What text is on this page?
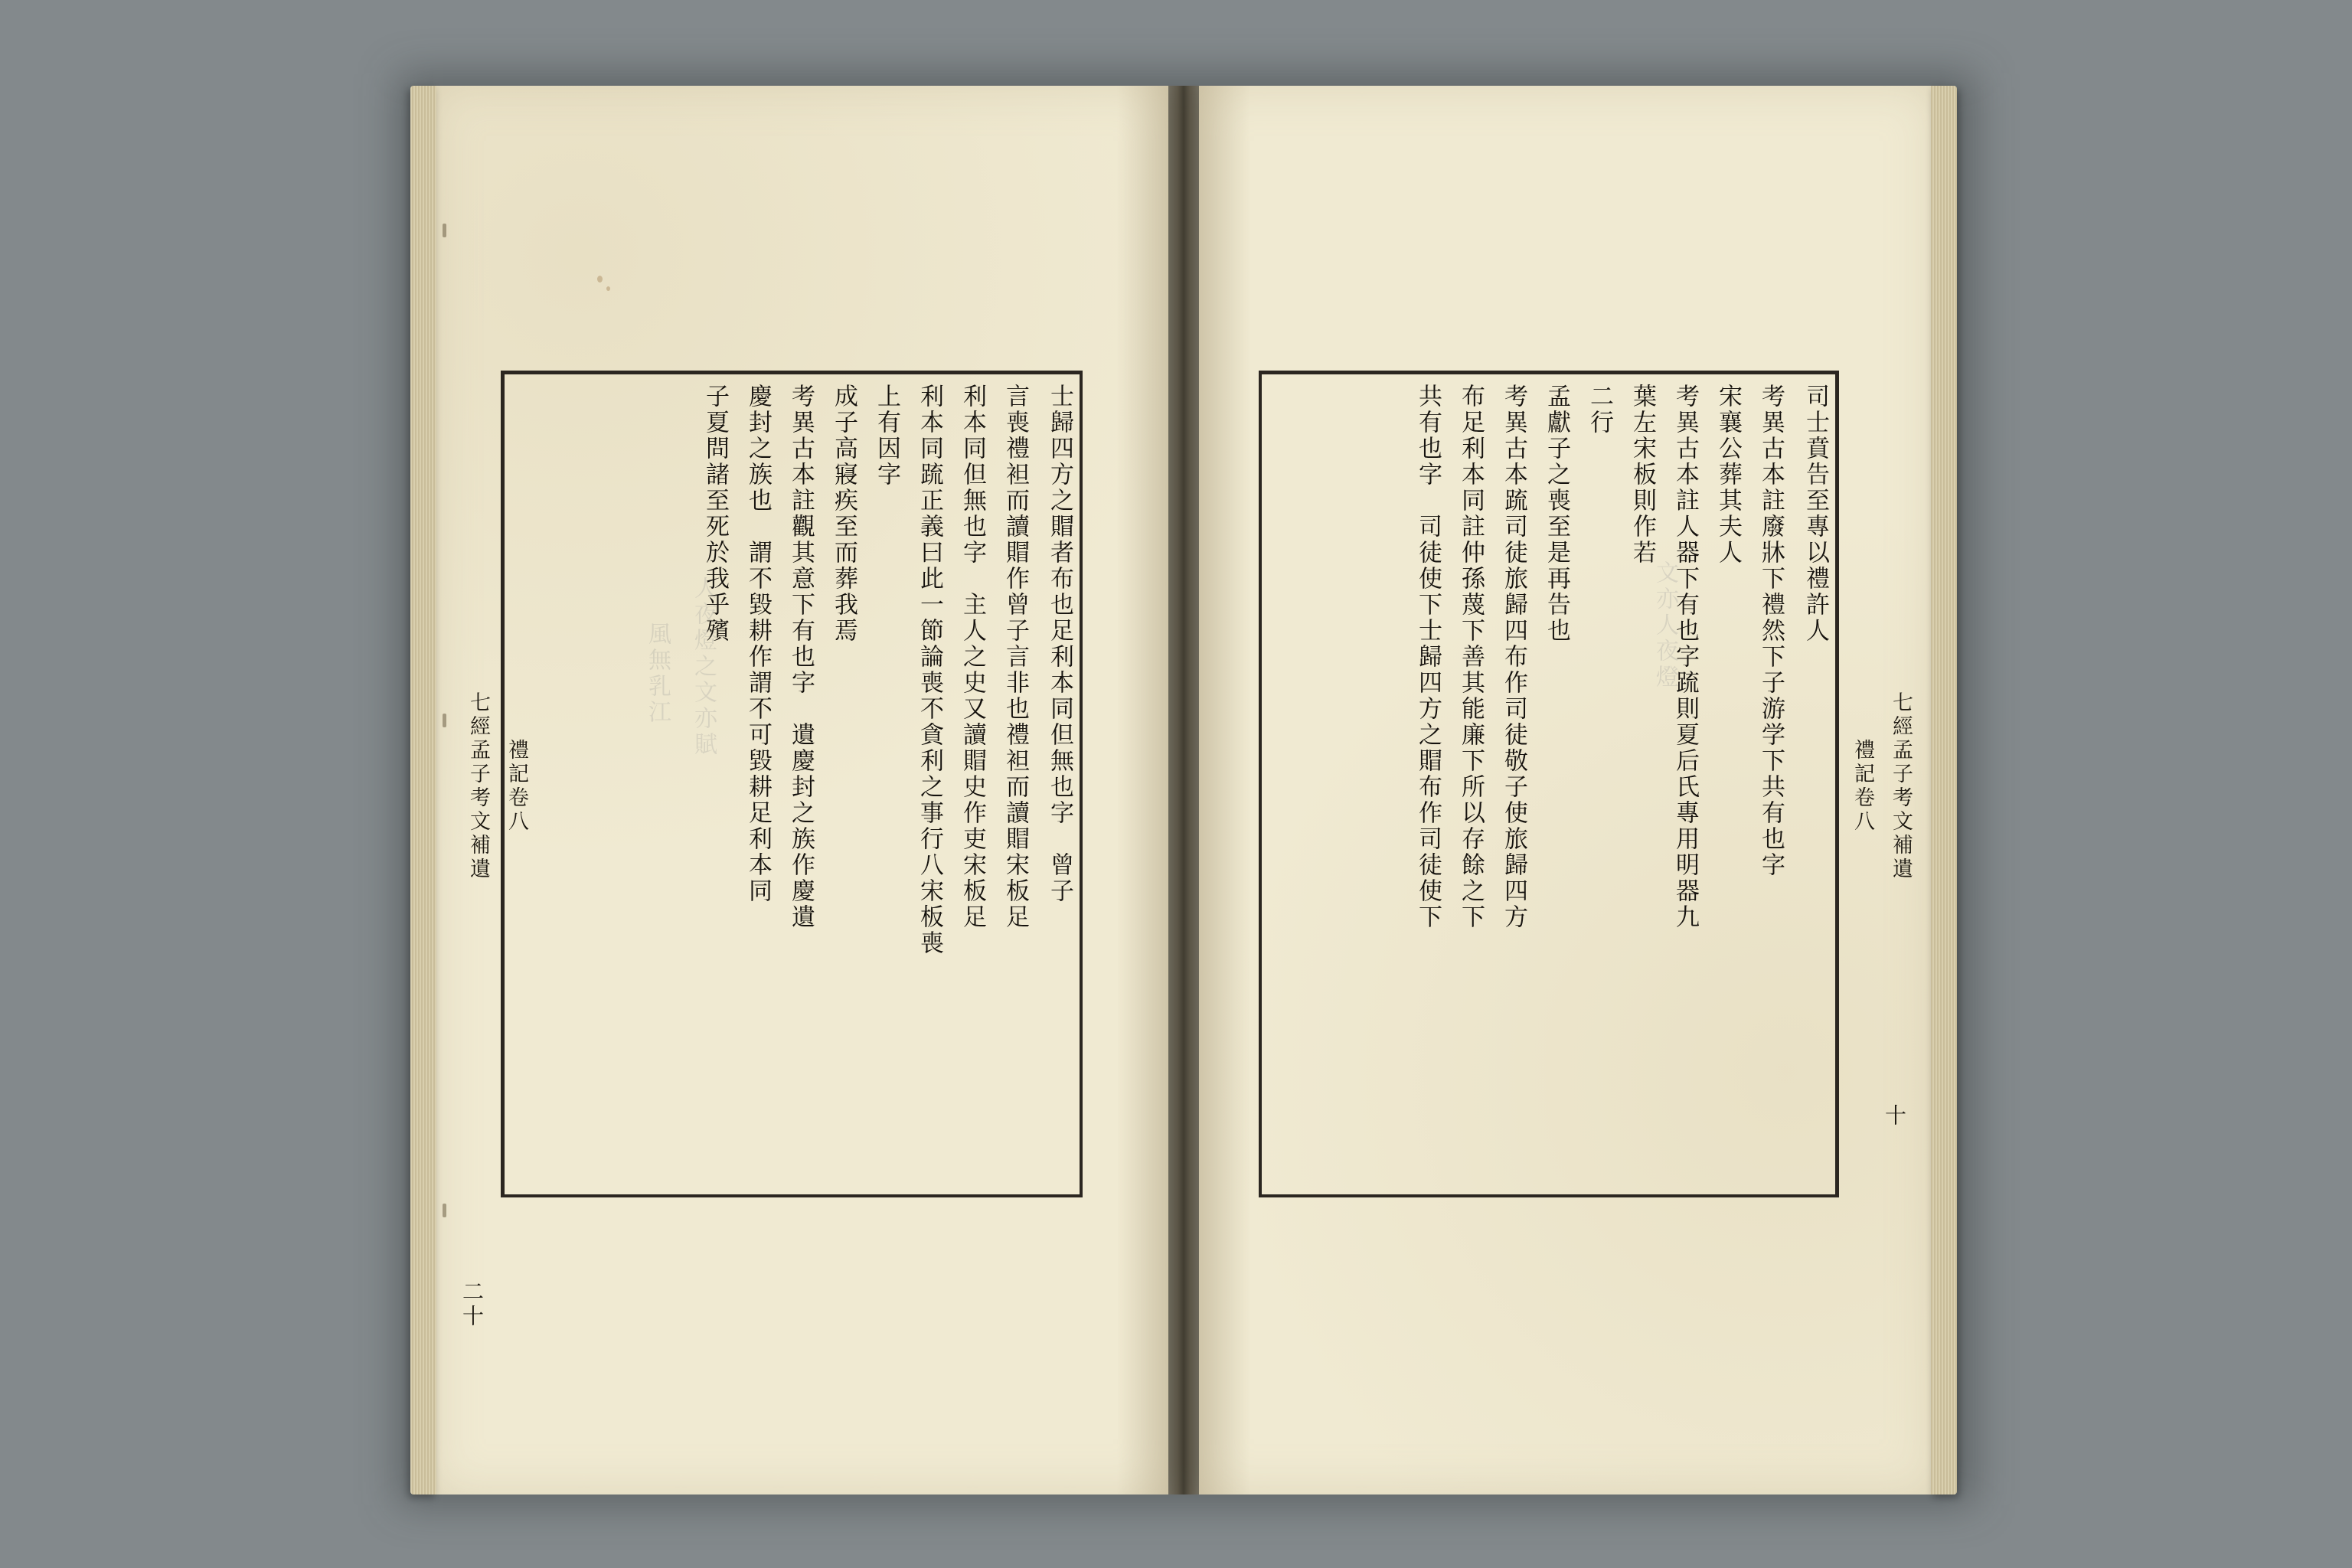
人夜燈之文亦賦
風無乳江
七經孟子考文補遺 禮記卷八
二十
士歸四方之賵者布也足利本同但無也字　曾子
言喪禮袒而讀賵作曾子言非也禮袒而讀賵宋板足
利本同但無也字　主人之史又讀賵史作吏宋板足
利本同䟽正義曰此一節論喪不貪利之事行八宋板喪
上有因字
成子高寢疾至而葬我焉
考異古本註觀其意下有也字　遺慶封之族作慶遺
慶封之族也　謂不毀耕作謂不可毀耕足利本同
子夏問諸至死於我乎殯	文亦人夜燈
七經孟子考文補遺
禮記卷八
十
司士賁告至專以禮許人
考異古本註廢牀下禮然下子游学下共有也字
宋襄公葬其夫人
考異古本註人器下有也字䟽則夏后氏專用明器九
葉左宋板則作若
二行
孟獻子之喪至是再告也
考異古本䟽司徒旅歸四布作司徒敬子使旅歸四方
布足利本同註仲孫蔑下善其能廉下所以存餘之下
共有也字　司徒使下士歸四方之賵布作司徒使下
